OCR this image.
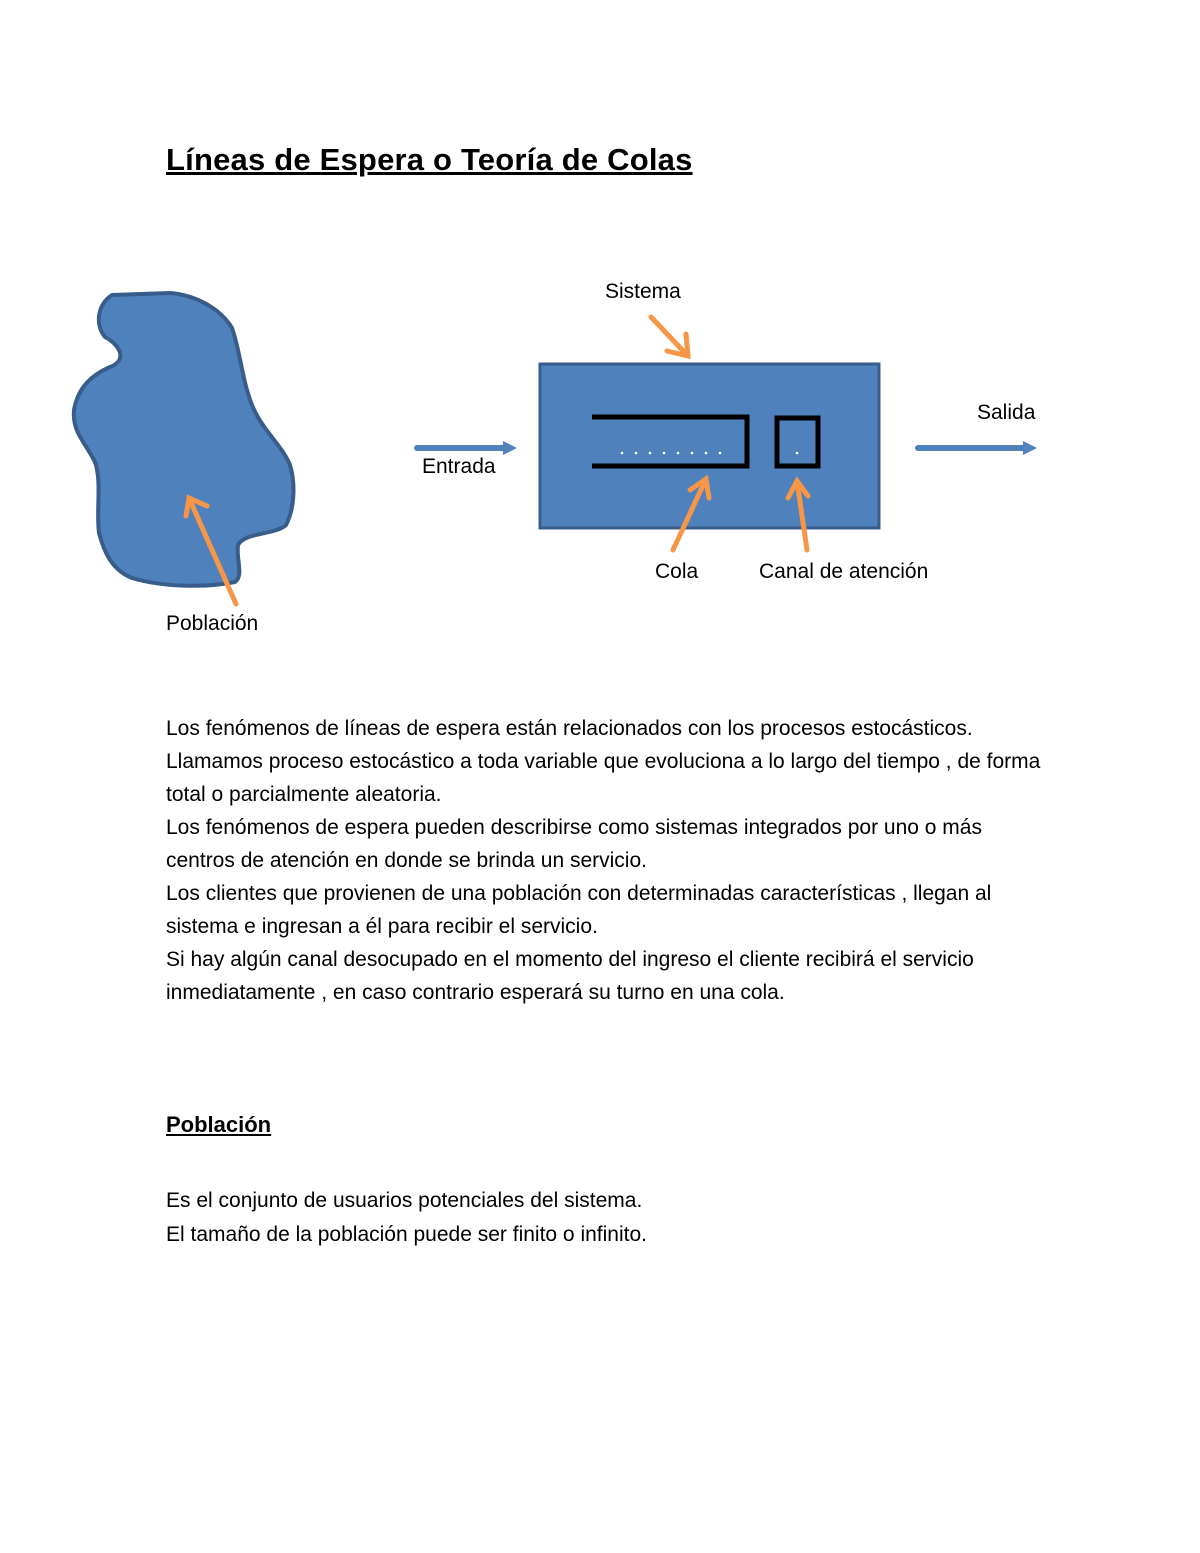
Líneas de Espera o Teoría de Colas
Sistema
Salida
Entrada
Cola	Canal de atención
Población

Los fenómenos de líneas de espera están relacionados con los procesos estocásticos.

Llamamos proceso estocástico a toda variable que evoluciona a lo largo del tiempo , de forma total o parcialmente aleatoria.

Los fenómenos de espera pueden describirse como sistemas integrados por uno o más centros de atención en donde se brinda un servicio.

Los clientes que provienen de una población con determinadas características , llegan al sistema e ingresan a él para recibir el servicio.

Si hay algún canal desocupado en el momento del ingreso el cliente recibirá el servicio inmediatamente , en caso contrario esperará su turno en una cola.

Población

Es el conjunto de usuarios potenciales del sistema.

El tamaño de la población puede ser finito o infinito.
